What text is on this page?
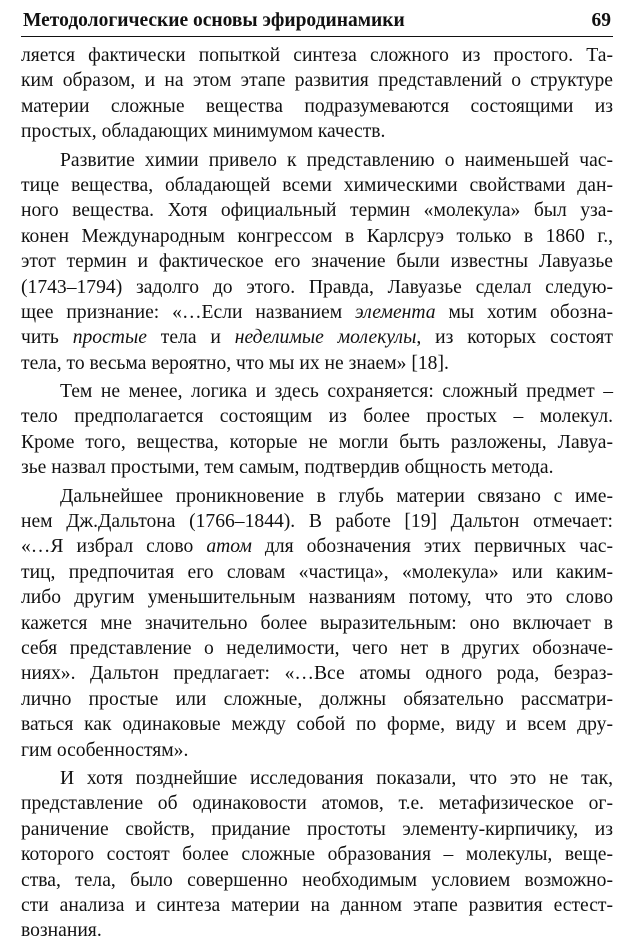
Методологические основы эфиродинамики	69
ляется фактически попыткой синтеза сложного из простого. Та-
ким образом, и на этом этапе развития представлений о структуре
материи сложные вещества подразумеваются состоящими из
простых, обладающих минимумом качеств.
Развитие химии привело к представлению о наименьшей час-
тице вещества, обладающей всеми химическими свойствами дан-
ного вещества. Хотя официальный термин «молекула» был уза-
конен Международным конгрессом в Карлсруэ только в 1860 г.,
этот термин и фактическое его значение были известны Лавуазье
(1743–1794) задолго до этого. Правда, Лавуазье сделал следую-
щее признание: «…Если названием элемента мы хотим обозна-
чить простые тела и неделимые молекулы, из которых состоят
тела, то весьма вероятно, что мы их не знаем» [18].
Тем не менее, логика и здесь сохраняется: сложный предмет –
тело предполагается состоящим из более простых – молекул.
Кроме того, вещества, которые не могли быть разложены, Лавуа-
зье назвал простыми, тем самым, подтвердив общность метода.
Дальнейшее проникновение в глубь материи связано с име-
нем Дж.Дальтона (1766–1844). В работе [19] Дальтон отмечает:
«…Я избрал слово атом для обозначения этих первичных час-
тиц, предпочитая его словам «частица», «молекула» или каким-
либо другим уменьшительным названиям потому, что это слово
кажется мне значительно более выразительным: оно включает в
себя представление о неделимости, чего нет в других обозначе-
ниях». Дальтон предлагает: «…Все атомы одного рода, безраз-
лично простые или сложные, должны обязательно рассматри-
ваться как одинаковые между собой по форме, виду и всем дру-
гим особенностям».
И хотя позднейшие исследования показали, что это не так,
представление об одинаковости атомов, т.е. метафизическое ог-
раничение свойств, придание простоты элементу-кирпичику, из
которого состоят более сложные образования – молекулы, веще-
ства, тела, было совершенно необходимым условием возможно-
сти анализа и синтеза материи на данном этапе развития естест-
вознания.
